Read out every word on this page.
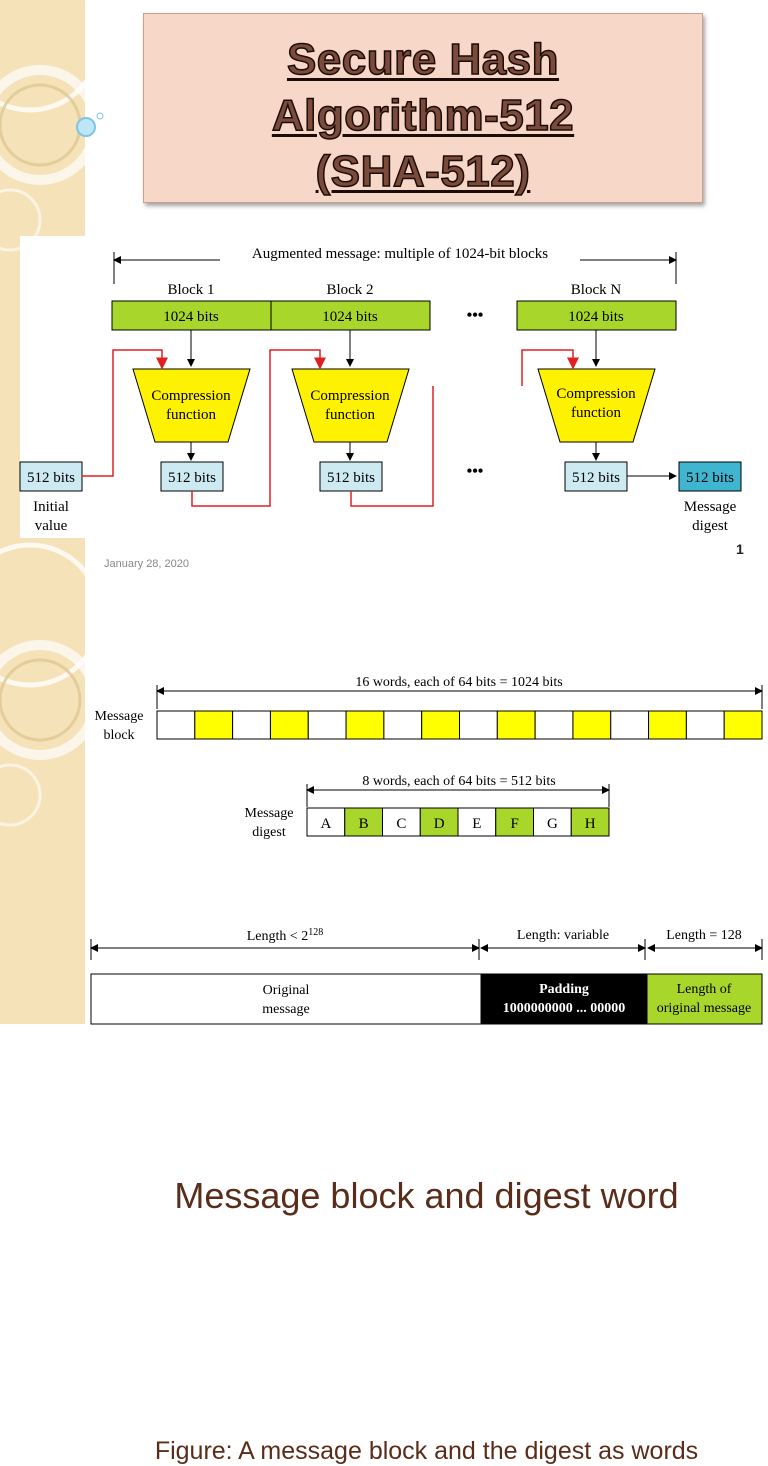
Secure Hash
Algorithm-512
(SHA-512)
Augmented message: multiple of 1024-bit blocks
Block 1	Block 2	Block N
1024 bits	1024 bits	1024 bits
•••
Compression
function
Compression
function
Compression
function
512 bits	512 bits	512 bits	512 bits	512 bits
•••
Initial
value
Message
digest
January 28, 2020
1
Message block and digest word
16 words, each of 64 bits = 1024 bits
Message
block
8 words, each of 64 bits = 512 bits
Message
digest
A B C D E F G H
Length < $2^{128}$	Length: variable	Length = 128
Original
message
Padding
1000000000 ... 00000
Length of
original message
Figure: A message block and the digest as words
